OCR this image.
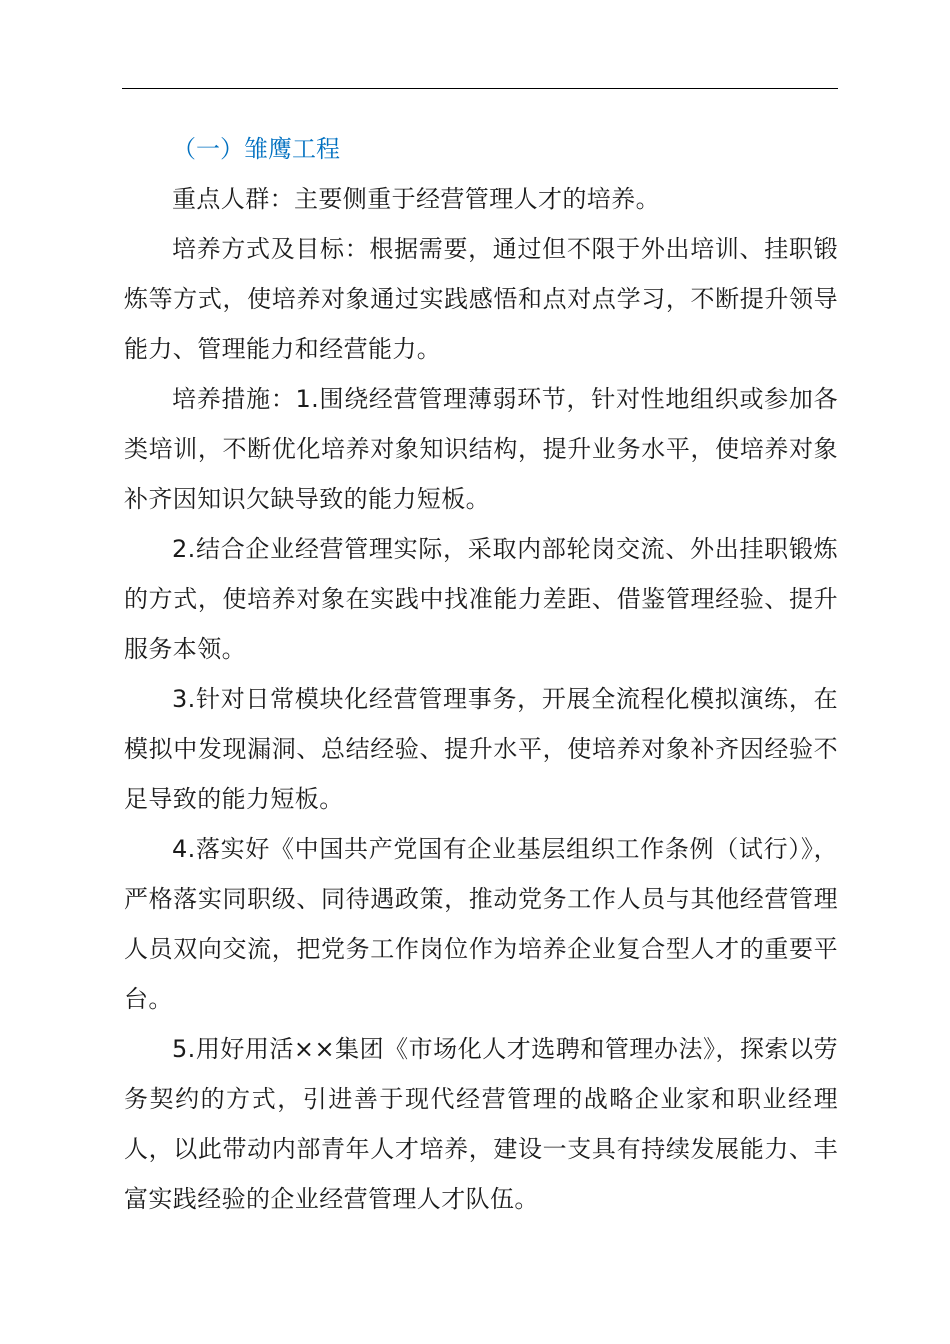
（一）雏鹰工程

重点人群：主要侧重于经营管理人才的培养。

培养方式及目标：根据需要，通过但不限于外出培训、挂职锻炼等方式，使培养对象通过实践感悟和点对点学习，不断提升领导能力、管理能力和经营能力。

培养措施：1.围绕经营管理薄弱环节，针对性地组织或参加各类培训，不断优化培养对象知识结构，提升业务水平，使培养对象补齐因知识欠缺导致的能力短板。

2.结合企业经营管理实际，采取内部轮岗交流、外出挂职锻炼的方式，使培养对象在实践中找准能力差距、借鉴管理经验、提升服务本领。

3.针对日常模块化经营管理事务，开展全流程化模拟演练，在模拟中发现漏洞、总结经验、提升水平，使培养对象补齐因经验不足导致的能力短板。

4.落实好《中国共产党国有企业基层组织工作条例（试行）》，严格落实同职级、同待遇政策，推动党务工作人员与其他经营管理人员双向交流，把党务工作岗位作为培养企业复合型人才的重要平台。

5.用好用活××集团《市场化人才选聘和管理办法》，探索以劳务契约的方式，引进善于现代经营管理的战略企业家和职业经理人，以此带动内部青年人才培养，建设一支具有持续发展能力、丰富实践经验的企业经营管理人才队伍。
